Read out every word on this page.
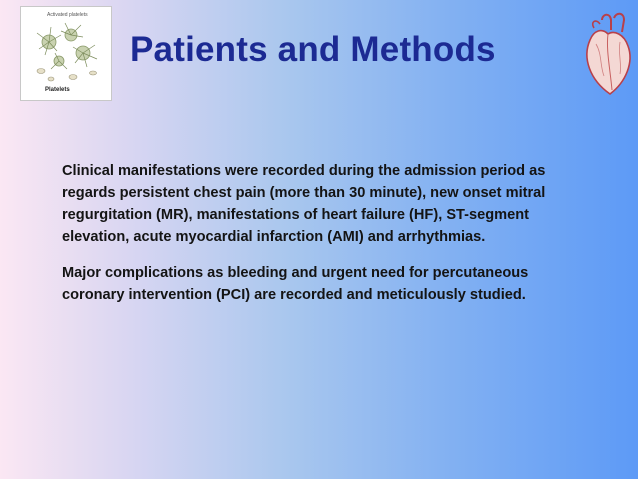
Activated platelets
Platelets
Patients and Methods

Clinical manifestations were recorded during the admission period as regards persistent chest pain (more than 30 minute), new onset mitral regurgitation (MR), manifestations of heart failure (HF), ST-segment elevation, acute myocardial infarction (AMI) and arrhythmias.

Major complications as bleeding and urgent need for percutaneous coronary intervention (PCI) are recorded and meticulously studied.
